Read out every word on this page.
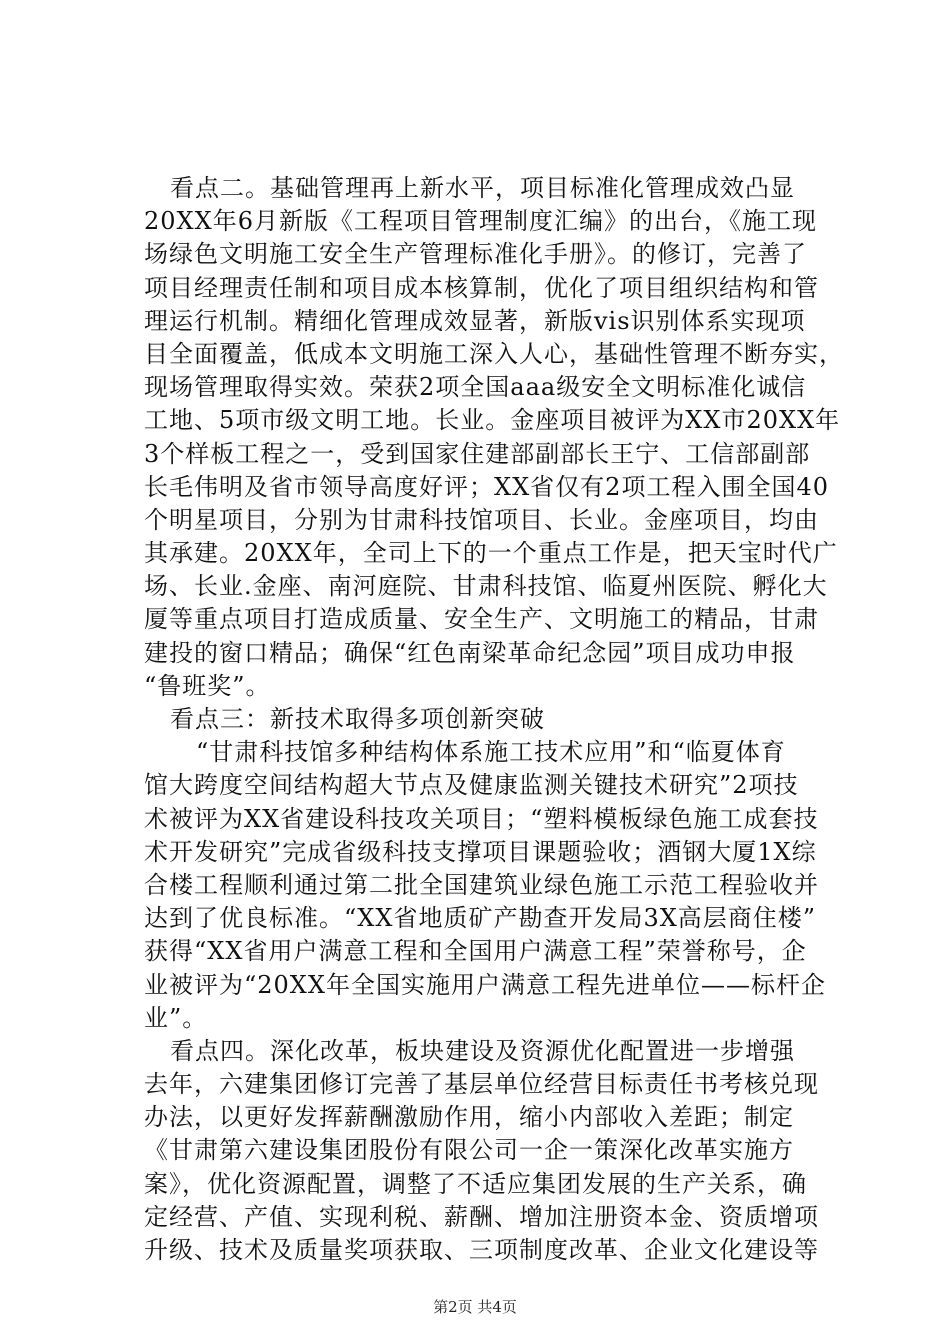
看点二。基础管理再上新水平，项目标准化管理成效凸显
20XX年6月新版《工程项目管理制度汇编》的出台，《施工现
场绿色文明施工安全生产管理标准化手册》。的修订，完善了
项目经理责任制和项目成本核算制，优化了项目组织结构和管
理运行机制。精细化管理成效显著，新版vis识别体系实现项
目全面覆盖，低成本文明施工深入人心，基础性管理不断夯实，
现场管理取得实效。荣获2项全国aaa级安全文明标准化诚信
工地、5项市级文明工地。长业。金座项目被评为XX市20XX年
3个样板工程之一，受到国家住建部副部长王宁、工信部副部
长毛伟明及省市领导高度好评；XX省仅有2项工程入围全国40
个明星项目，分别为甘肃科技馆项目、长业。金座项目，均由
其承建。20XX年，全司上下的一个重点工作是，把天宝时代广
场、长业.金座、南河庭院、甘肃科技馆、临夏州医院、孵化大
厦等重点项目打造成质量、安全生产、文明施工的精品，甘肃
建投的窗口精品；确保“红色南梁革命纪念园”项目成功申报
“鲁班奖”。
看点三：新技术取得多项创新突破
“甘肃科技馆多种结构体系施工技术应用”和“临夏体育
馆大跨度空间结构超大节点及健康监测关键技术研究”2项技
术被评为XX省建设科技攻关项目；“塑料模板绿色施工成套技
术开发研究”完成省级科技支撑项目课题验收；酒钢大厦1X综
合楼工程顺利通过第二批全国建筑业绿色施工示范工程验收并
达到了优良标准。“XX省地质矿产勘查开发局3X高层商住楼”
获得“XX省用户满意工程和全国用户满意工程”荣誉称号，企
业被评为“20XX年全国实施用户满意工程先进单位——标杆企
业”。
看点四。深化改革，板块建设及资源优化配置进一步增强
去年，六建集团修订完善了基层单位经营目标责任书考核兑现
办法，以更好发挥薪酬激励作用，缩小内部收入差距；制定
《甘肃第六建设集团股份有限公司一企一策深化改革实施方
案》，优化资源配置，调整了不适应集团发展的生产关系，确
定经营、产值、实现利税、薪酬、增加注册资本金、资质增项
升级、技术及质量奖项获取、三项制度改革、企业文化建设等
第2页 共4页
